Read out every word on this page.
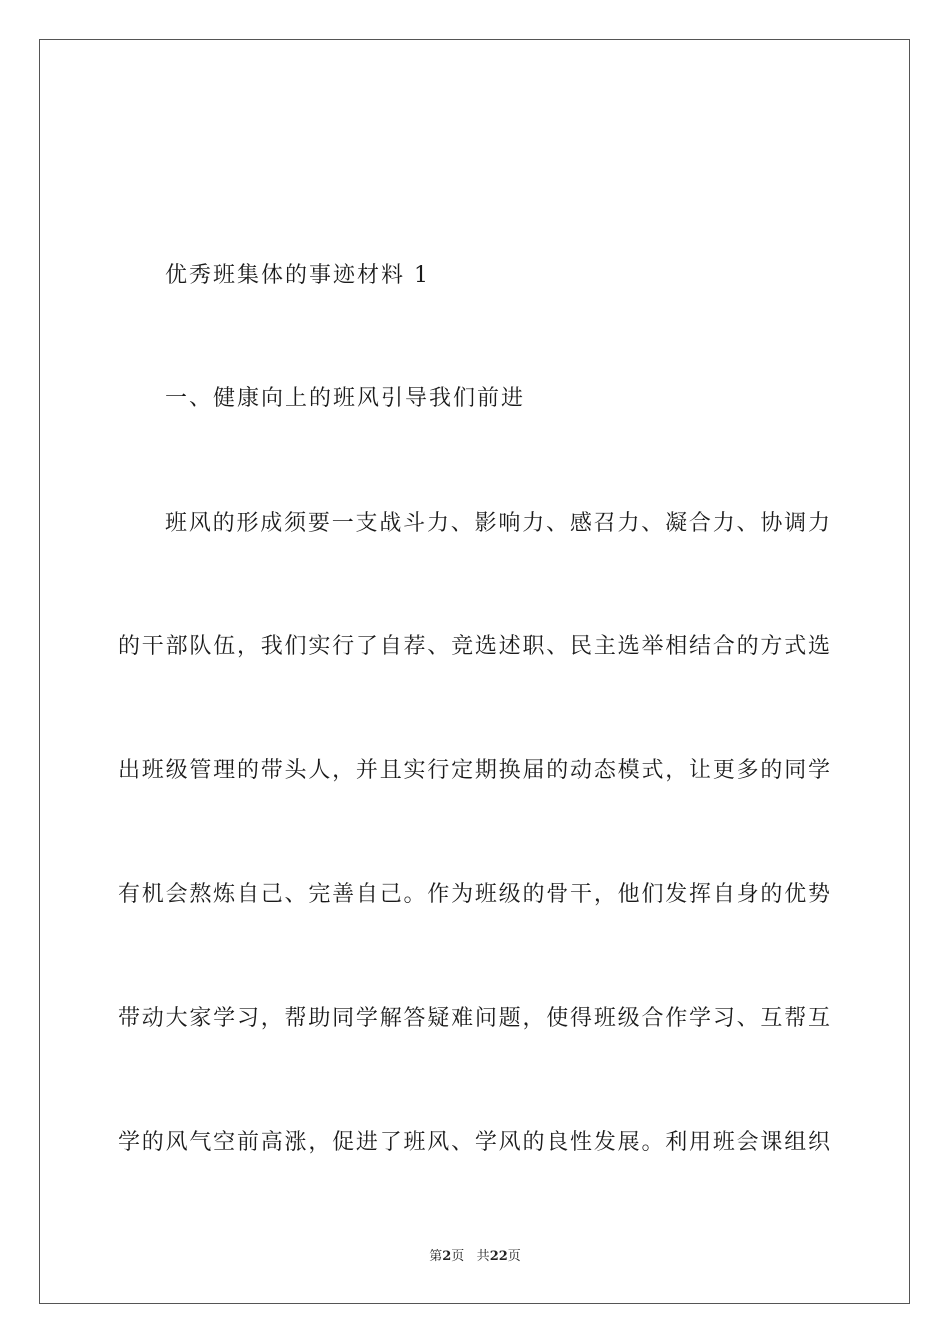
优秀班集体的事迹材料 1
一、健康向上的班风引导我们前进
班风的形成须要一支战斗力、影响力、感召力、凝合力、协调力
的干部队伍，我们实行了自荐、竞选述职、民主选举相结合的方式选
出班级管理的带头人，并且实行定期换届的动态模式，让更多的同学
有机会熬炼自己、完善自己。作为班级的骨干，他们发挥自身的优势
带动大家学习，帮助同学解答疑难问题，使得班级合作学习、互帮互
学的风气空前高涨，促进了班风、学风的良性发展。利用班会课组织
第2页 共22页
